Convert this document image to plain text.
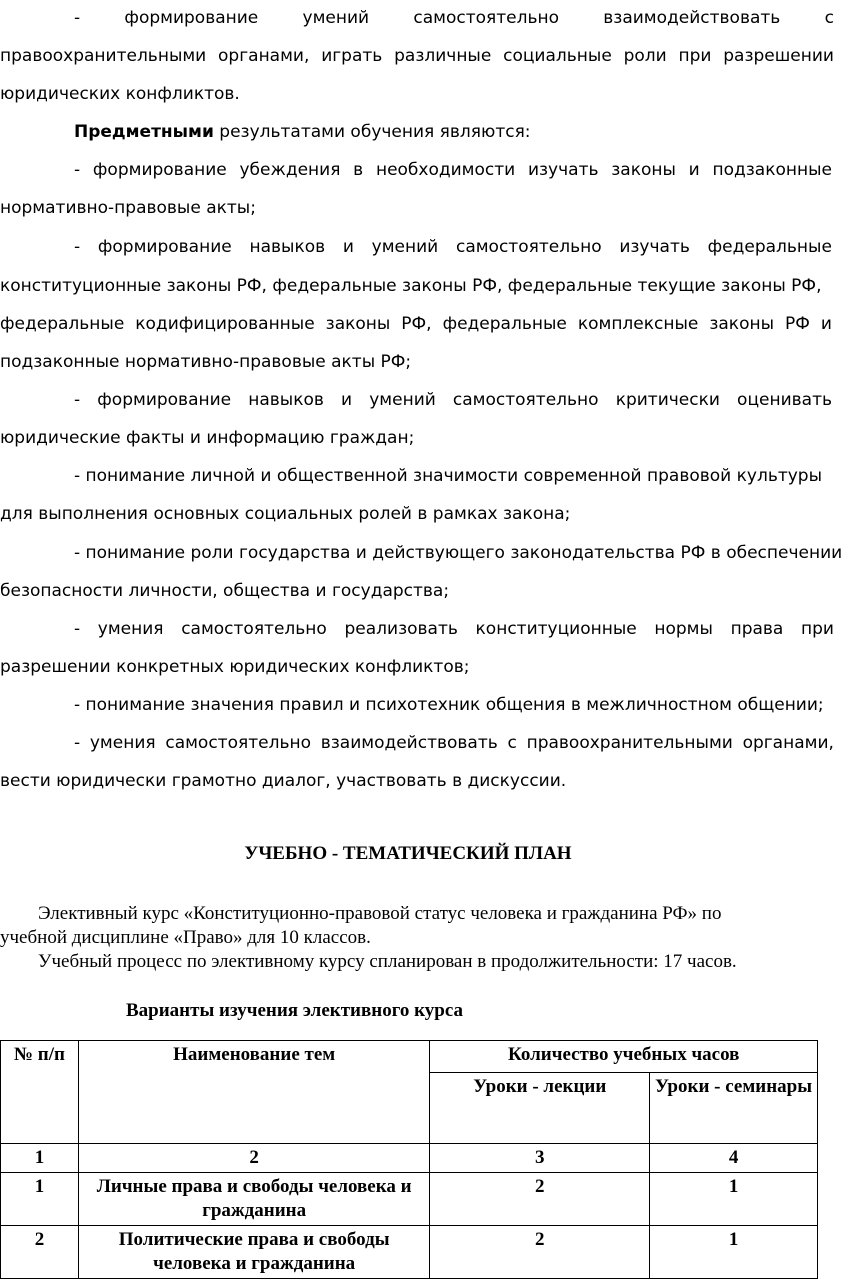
-	формирование	умений	самостоятельно	взаимодействовать	с
правоохранительными органами, играть различные социальные роли при разрешении
юридических конфликтов.
Предметными результатами обучения являются:
- формирование убеждения в необходимости изучать законы и подзаконные
нормативно-правовые акты;
- формирование навыков и умений самостоятельно изучать федеральные
конституционные законы РФ, федеральные законы РФ, федеральные текущие законы РФ,
федеральные кодифицированные законы РФ, федеральные комплексные законы РФ и
подзаконные нормативно-правовые акты РФ;
- формирование навыков и умений самостоятельно критически оценивать
юридические факты и информацию граждан;
- понимание личной и общественной значимости современной правовой культуры
для выполнения основных социальных ролей в рамках закона;
- понимание роли государства и действующего законодательства РФ в обеспечении
безопасности личности, общества и государства;
- умения самостоятельно реализовать конституционные нормы права при
разрешении конкретных юридических конфликтов;
- понимание значения правил и психотехник общения в межличностном общении;
- умения самостоятельно взаимодействовать с правоохранительными органами,
вести юридически грамотно диалог, участвовать в дискуссии.
УЧЕБНО - ТЕМАТИЧЕСКИЙ ПЛАН
Элективный курс «Конституционно-правовой статус человека и гражданина РФ» по
учебной дисциплине «Право» для 10 классов.
Учебный процесс по элективному курсу спланирован в продолжительности: 17 часов.
Варианты изучения элективного курса
№ п/п	Наименование тем	Количество учебных часов	
		Уроки - лекции	Уроки - семинары
1	2	3	4
1	Личные права и свободы человека и гражданина	2	1
2	Политические права и свободы человека и гражданина	2	1
